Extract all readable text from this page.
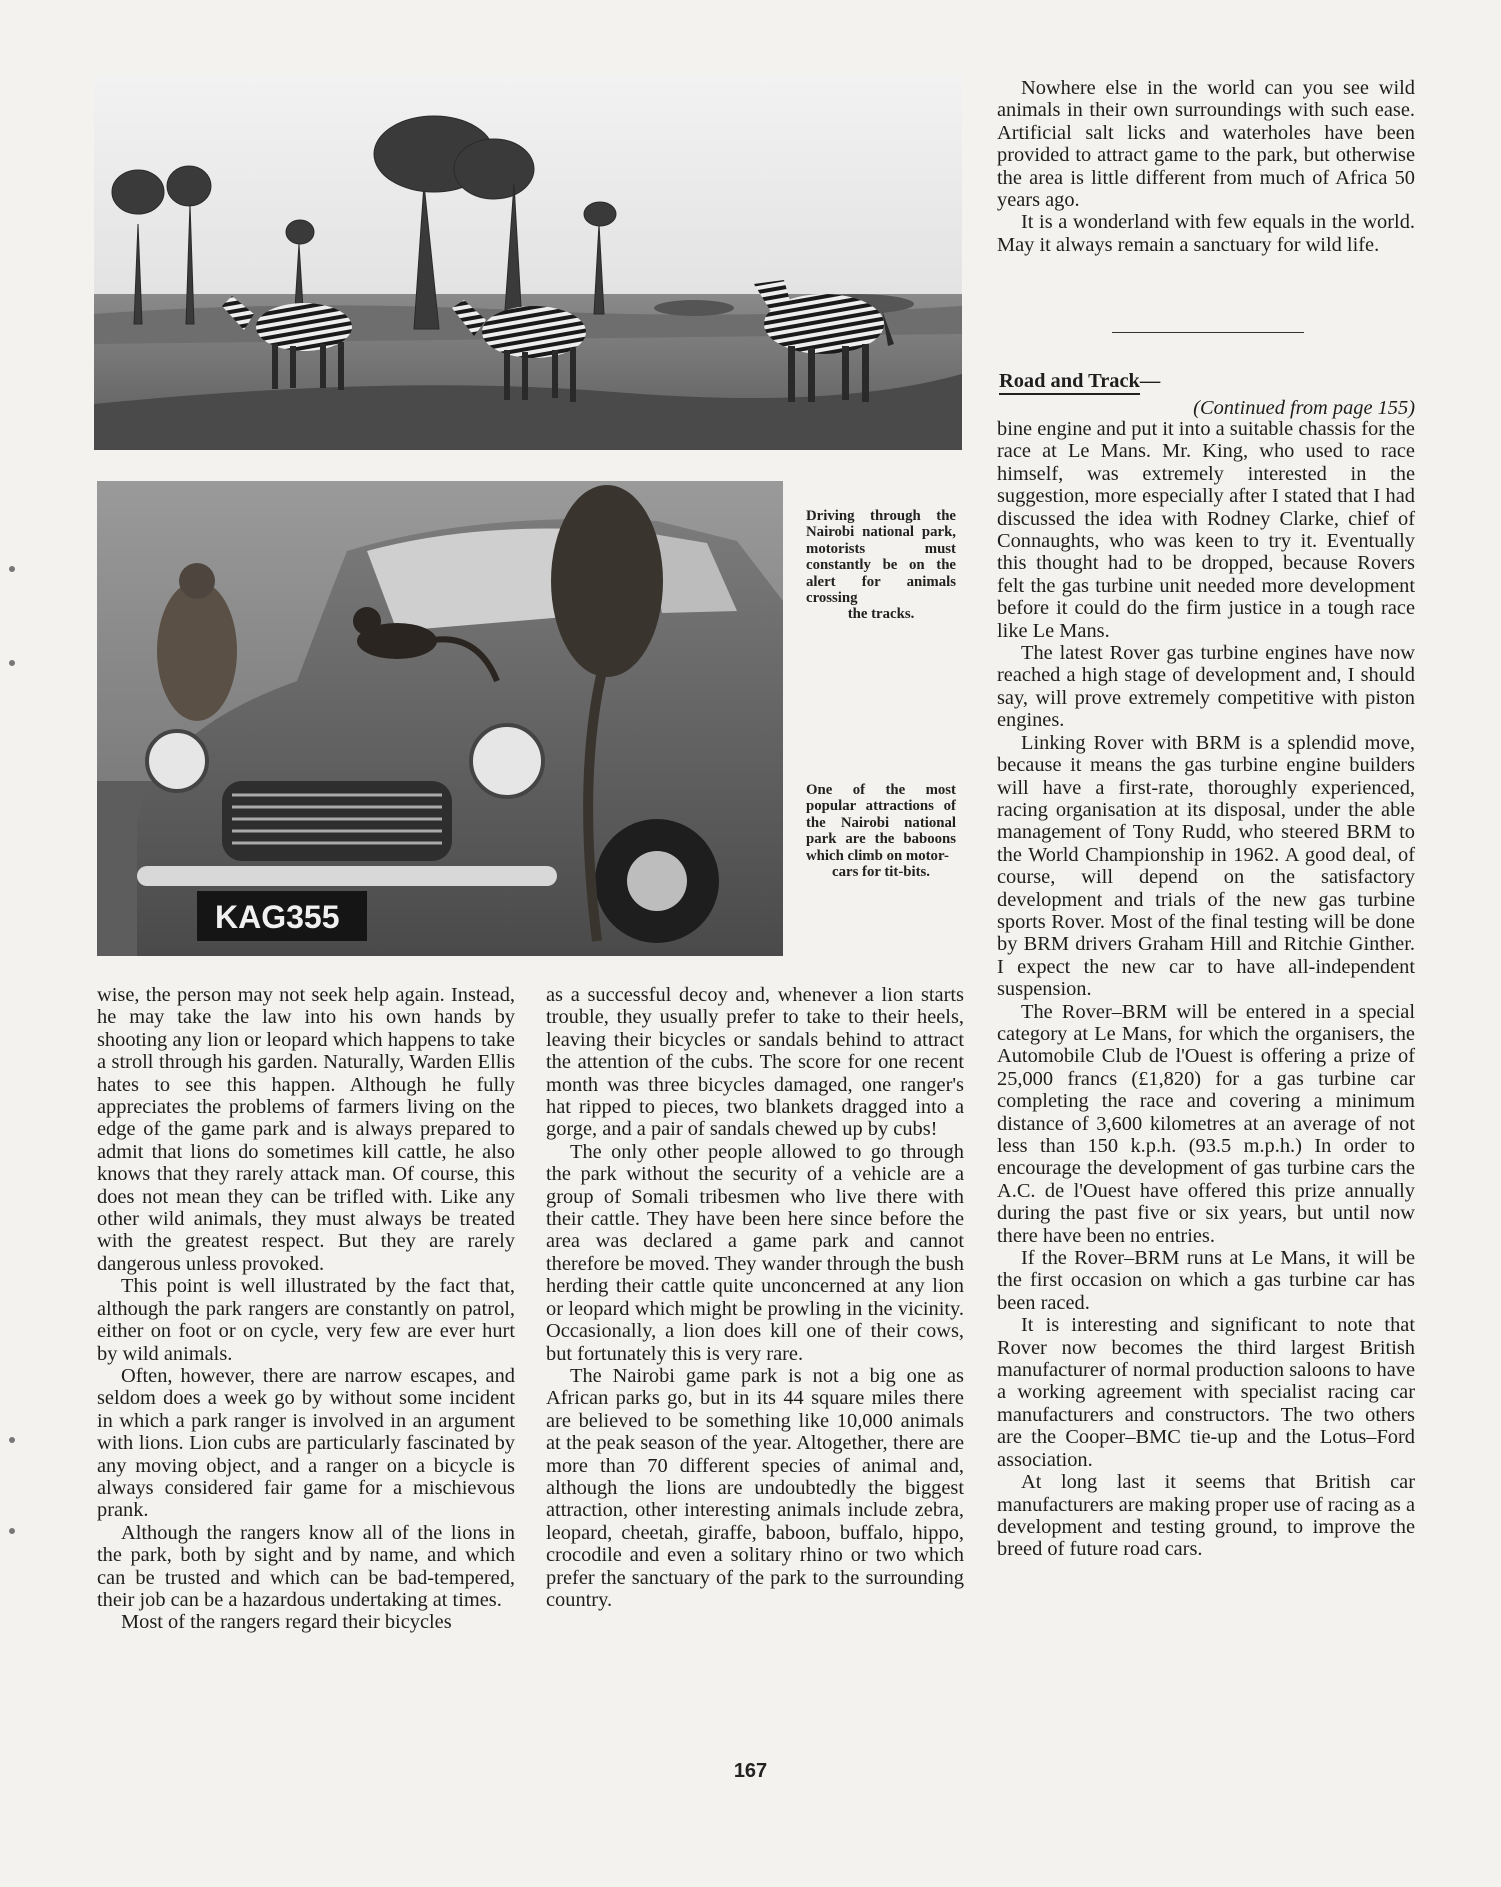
KAG355
Driving through the Nairobi national park, motorists must constantly be on the alert for animals crossing
the tracks.
One of the most popular attractions of the Nairobi national park are the baboons which climb on motor-
cars for tit-bits.

Nowhere else in the world can you see wild animals in their own surroundings with such ease. Artificial salt licks and waterholes have been provided to attract game to the park, but otherwise the area is little different from much of Africa 50 years ago.

It is a wonderland with few equals in the world. May it always remain a sanctuary for wild life.

Road and Track—
(Continued from page 155)

bine engine and put it into a suitable chassis for the race at Le Mans. Mr. King, who used to race himself, was extremely interested in the suggestion, more especially after I stated that I had discussed the idea with Rodney Clarke, chief of Connaughts, who was keen to try it. Eventually this thought had to be dropped, because Rovers felt the gas turbine unit needed more development before it could do the firm justice in a tough race like Le Mans.

The latest Rover gas turbine engines have now reached a high stage of development and, I should say, will prove extremely competitive with piston engines.

Linking Rover with BRM is a splendid move, because it means the gas turbine engine builders will have a first-rate, thoroughly experienced, racing organisation at its disposal, under the able management of Tony Rudd, who steered BRM to the World Championship in 1962. A good deal, of course, will depend on the satisfactory development and trials of the new gas turbine sports Rover. Most of the final testing will be done by BRM drivers Graham Hill and Ritchie Ginther. I expect the new car to have all-independent suspension.

The Rover–BRM will be entered in a special category at Le Mans, for which the organisers, the Automobile Club de l'Ouest is offering a prize of 25,000 francs (£1,820) for a gas turbine car completing the race and covering a minimum distance of 3,600 kilometres at an average of not less than 150 k.p.h. (93.5 m.p.h.) In order to encourage the development of gas turbine cars the A.C. de l'Ouest have offered this prize annually during the past five or six years, but until now there have been no entries.

If the Rover–BRM runs at Le Mans, it will be the first occasion on which a gas turbine car has been raced.

It is interesting and significant to note that Rover now becomes the third largest British manufacturer of normal production saloons to have a working agreement with specialist racing car manufacturers and constructors. The two others are the Cooper–BMC tie-up and the Lotus–Ford association.

At long last it seems that British car manufacturers are making proper use of racing as a development and testing ground, to improve the breed of future road cars.

wise, the person may not seek help again. Instead, he may take the law into his own hands by shooting any lion or leopard which happens to take a stroll through his garden. Naturally, Warden Ellis hates to see this happen. Although he fully appreciates the problems of farmers living on the edge of the game park and is always prepared to admit that lions do sometimes kill cattle, he also knows that they rarely attack man. Of course, this does not mean they can be trifled with. Like any other wild animals, they must always be treated with the greatest respect. But they are rarely dangerous unless provoked.

This point is well illustrated by the fact that, although the park rangers are constantly on patrol, either on foot or on cycle, very few are ever hurt by wild animals.

Often, however, there are narrow escapes, and seldom does a week go by without some incident in which a park ranger is involved in an argument with lions. Lion cubs are particularly fascinated by any moving object, and a ranger on a bicycle is always considered fair game for a mischievous prank.

Although the rangers know all of the lions in the park, both by sight and by name, and which can be trusted and which can be bad-tempered, their job can be a hazardous undertaking at times.

Most of the rangers regard their bicycles

as a successful decoy and, whenever a lion starts trouble, they usually prefer to take to their heels, leaving their bicycles or sandals behind to attract the attention of the cubs. The score for one recent month was three bicycles damaged, one ranger's hat ripped to pieces, two blankets dragged into a gorge, and a pair of sandals chewed up by cubs!

The only other people allowed to go through the park without the security of a vehicle are a group of Somali tribesmen who live there with their cattle. They have been here since before the area was declared a game park and cannot therefore be moved. They wander through the bush herding their cattle quite unconcerned at any lion or leopard which might be prowling in the vicinity. Occasionally, a lion does kill one of their cows, but fortunately this is very rare.

The Nairobi game park is not a big one as African parks go, but in its 44 square miles there are believed to be something like 10,000 animals at the peak season of the year. Altogether, there are more than 70 different species of animal and, although the lions are undoubtedly the biggest attraction, other interesting animals include zebra, leopard, cheetah, giraffe, baboon, buffalo, hippo, crocodile and even a solitary rhino or two which prefer the sanctuary of the park to the surrounding country.

167
